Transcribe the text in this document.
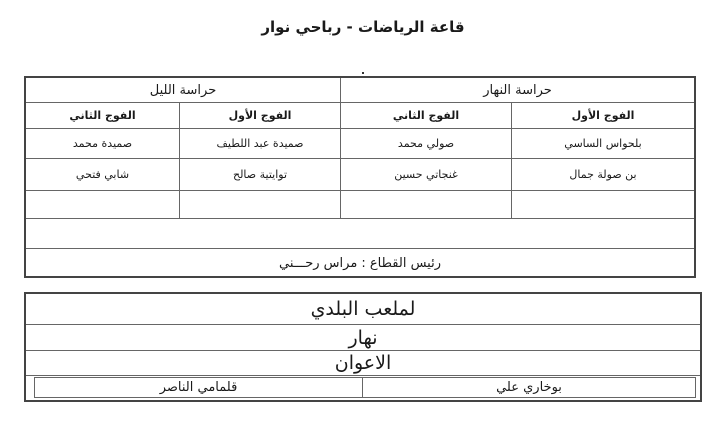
قاعة الرياضات - رباحي نوار
حراسة الليل	حراسة النهار
الفوج الأول
الفوج الثاني
الفوج الأول
الفوج الثاني
بلحواس الساسي
صولي محمد
صميدة عبد اللطيف
صميدة محمد
بن صولة جمال
غنجاتي حسين
توايتية صالح
شابي فتحي
رئيس القطاع : مراس رحـــني
لملعب البلدي
نهار
الاعوان
بوخاري علي
قلمامي الناصر
